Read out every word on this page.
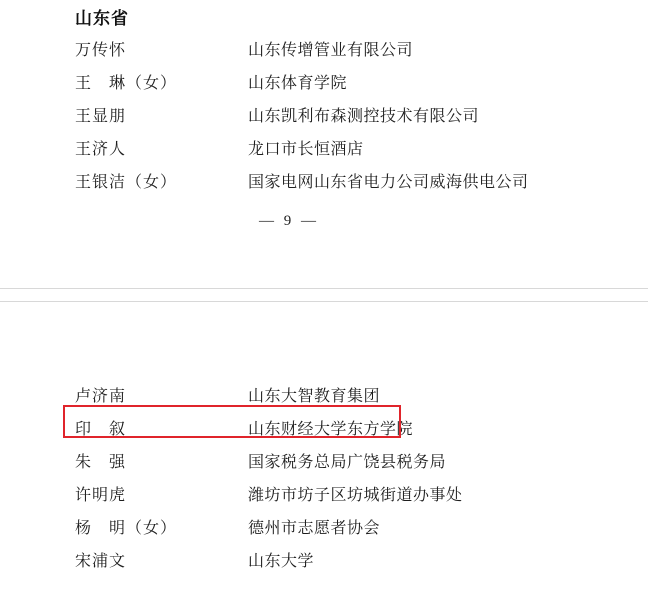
山东省
万传怀	山东传增管业有限公司
王　琳（女）	山东体育学院
王显朋	山东凯利布森测控技术有限公司
王济人	龙口市长恒酒店
王银洁（女）	国家电网山东省电力公司威海供电公司
— 9 —
卢济南	山东大智教育集团
印　叙	山东财经大学东方学院
朱　强	国家税务总局广饶县税务局
许明虎	潍坊市坊子区坊城街道办事处
杨　明（女）	德州市志愿者协会
宋浦文	山东大学
